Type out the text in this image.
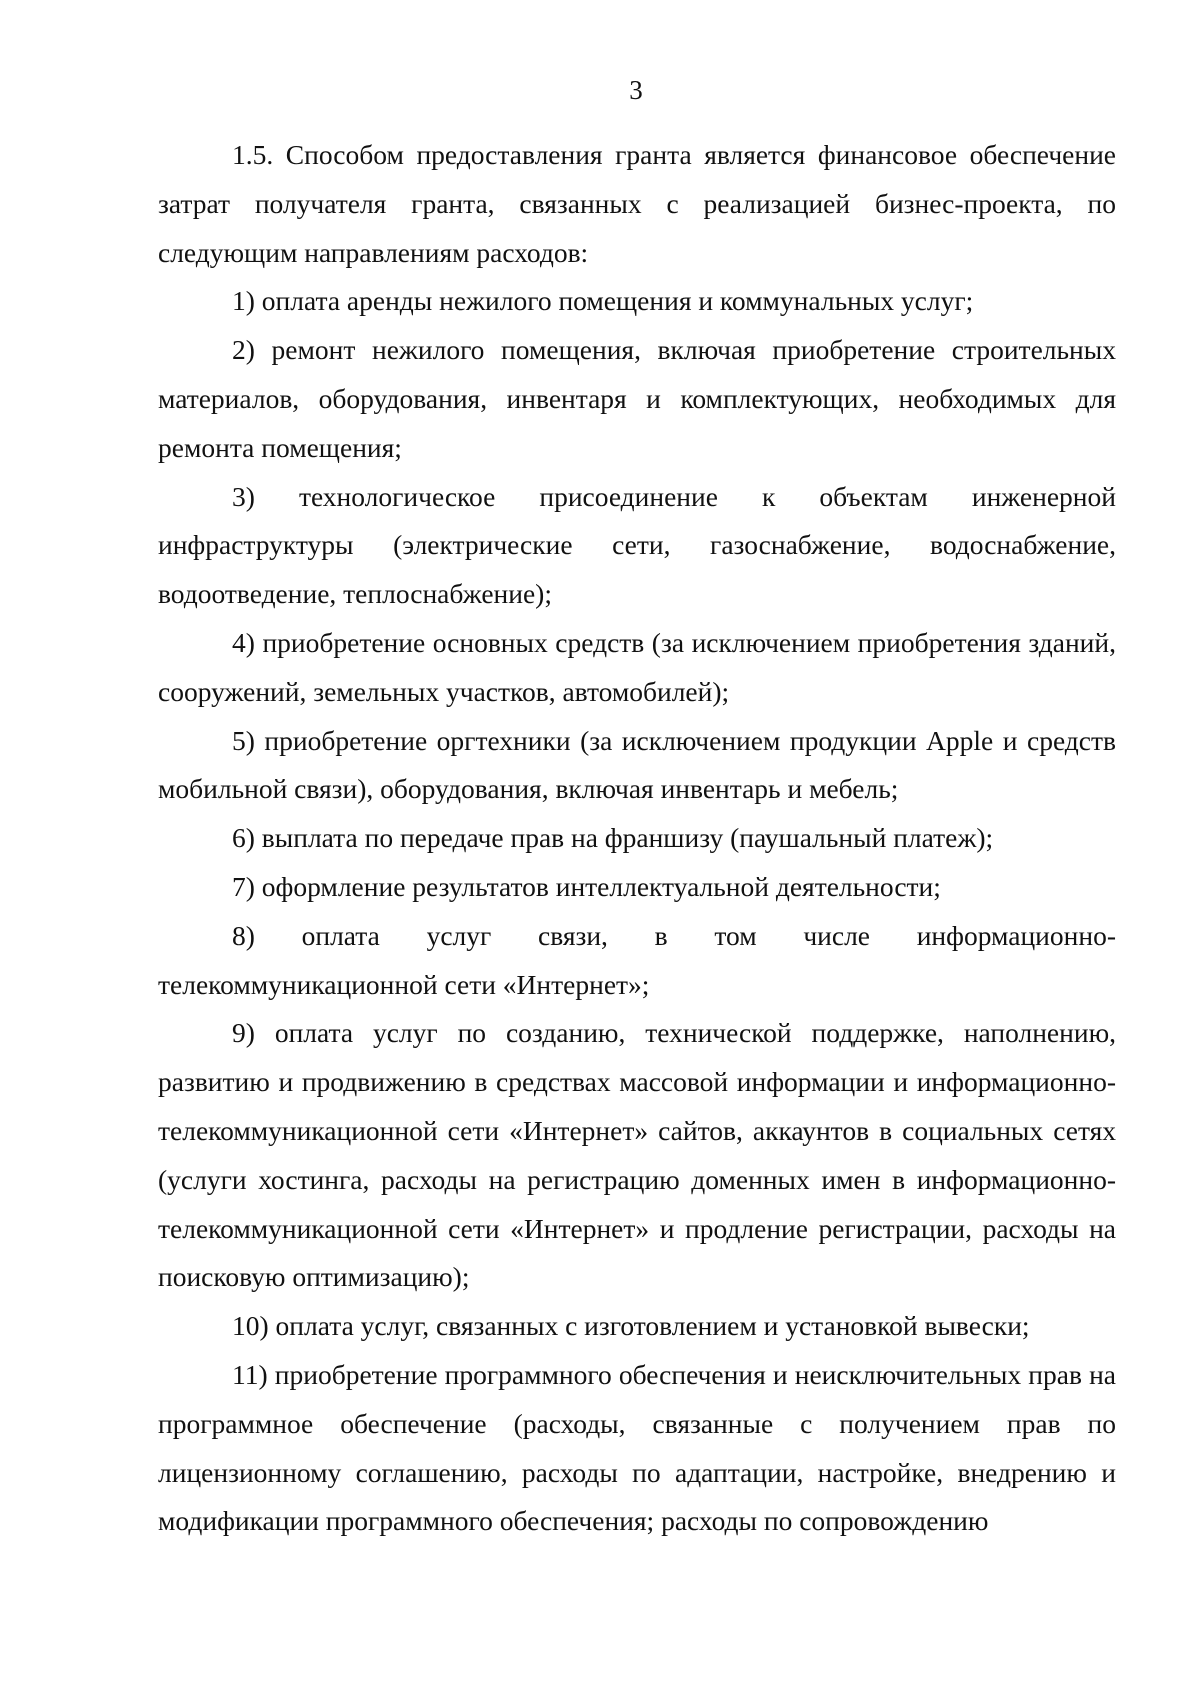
3

1.5. Способом предоставления гранта является финансовое обеспечение затрат получателя гранта, связанных с реализацией бизнес-проекта, по следующим направлениям расходов:

1) оплата аренды нежилого помещения и коммунальных услуг;

2) ремонт нежилого помещения, включая приобретение строительных материалов, оборудования, инвентаря и комплектующих, необходимых для ремонта помещения;

3) технологическое присоединение к объектам инженерной инфраструктуры (электрические сети, газоснабжение, водоснабжение, водоотведение, теплоснабжение);

4) приобретение основных средств (за исключением приобретения зданий, сооружений, земельных участков, автомобилей);

5) приобретение оргтехники (за исключением продукции Apple и средств мобильной связи), оборудования, включая инвентарь и мебель;

6) выплата по передаче прав на франшизу (паушальный платеж);

7) оформление результатов интеллектуальной деятельности;

8) оплата услуг связи, в том числе информационно-телекоммуникационной сети «Интернет»;

9) оплата услуг по созданию, технической поддержке, наполнению, развитию и продвижению в средствах массовой информации и информационно-телекоммуникационной сети «Интернет» сайтов, аккаунтов в социальных сетях (услуги хостинга, расходы на регистрацию доменных имен в информационно-телекоммуникационной сети «Интернет» и продление регистрации, расходы на поисковую оптимизацию);

10) оплата услуг, связанных с изготовлением и установкой вывески;

11) приобретение программного обеспечения и неисключительных прав на программное обеспечение (расходы, связанные с получением прав по лицензионному соглашению, расходы по адаптации, настройке, внедрению и модификации программного обеспечения; расходы по сопровождению
